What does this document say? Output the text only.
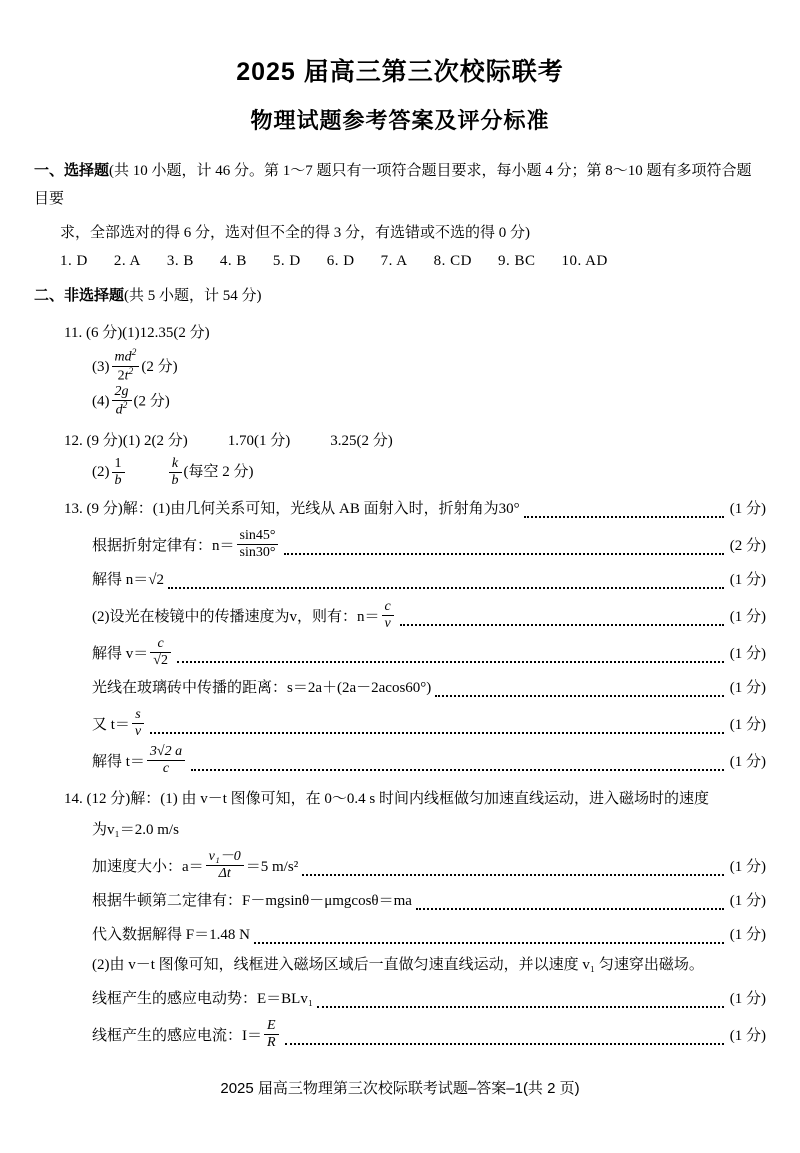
2025 届高三第三次校际联考
物理试题参考答案及评分标准
一、选择题(共 10 小题，计 46 分。第 1～7 题只有一项符合题目要求，每小题 4 分；第 8～10 题有多项符合题目要
求，全部选对的得 6 分，选对但不全的得 3 分，有选错或不选的得 0 分)
1. D 2. A 3. B 4. B 5. D 6. D 7. A 8. CD 9. BC 10. AD
二、非选择题(共 5 小题，计 54 分)
11. (6 分)(1)12.35(2 分)
$(3) \frac{md^2}{2t^2} (2$ 分)
$(4) \frac{2g}{d^2} (2$ 分)
12. (9 分)(1) 2(2 分)	1.70(1 分)	3.25(2 分)
$(2) \frac{1}{b}$	$\frac{k}{b}$ (每空 2 分)
13. (9 分)解：(1)由几何关系可知，光线从 AB 面射入时，折射角为30°	(1 分)
根据折射定律有：$n= \frac{\sin 45^\circ}{\sin 30^\circ}$	(2 分)
解得 n＝√2	(1 分)
(2)设光在棱镜中的传播速度为v，则有：$n= \frac{c}{v}$	(1 分)
解得 $v= \frac{c}{√2}$	(1 分)
光线在玻璃砖中传播的距离：s＝2a＋(2a－2acos60°)	(1 分)
又 $t= \frac{s}{v}$	(1 分)
解得 $t= \frac{3√2 a}{c}$	(1 分)
14. (12 分)解：(1) 由 v－t 图像可知，在 0～0.4 s 时间内线框做匀加速直线运动，进入磁场时的速度
为v₁＝2.0 m/s
加速度大小：$a= \frac{\text{v₁－0}}{\Delta t} =5$ m/s²	(1 分)
根据牛顿第二定律有：F－mgsinθ－μmgcosθ＝ma	(1 分)
代入数据解得 F＝1.48 N	(1 分)
(2)由 v－t 图像可知，线框进入磁场区域后一直做匀速直线运动，并以速度 v₁ 匀速穿出磁场。
线框产生的感应电动势：E＝BLv₁	(1 分)
线框产生的感应电流：$I= \frac{E}{R}$	(1 分)
2025 届高三物理第三次校际联考试题–答案–1(共 2 页)
